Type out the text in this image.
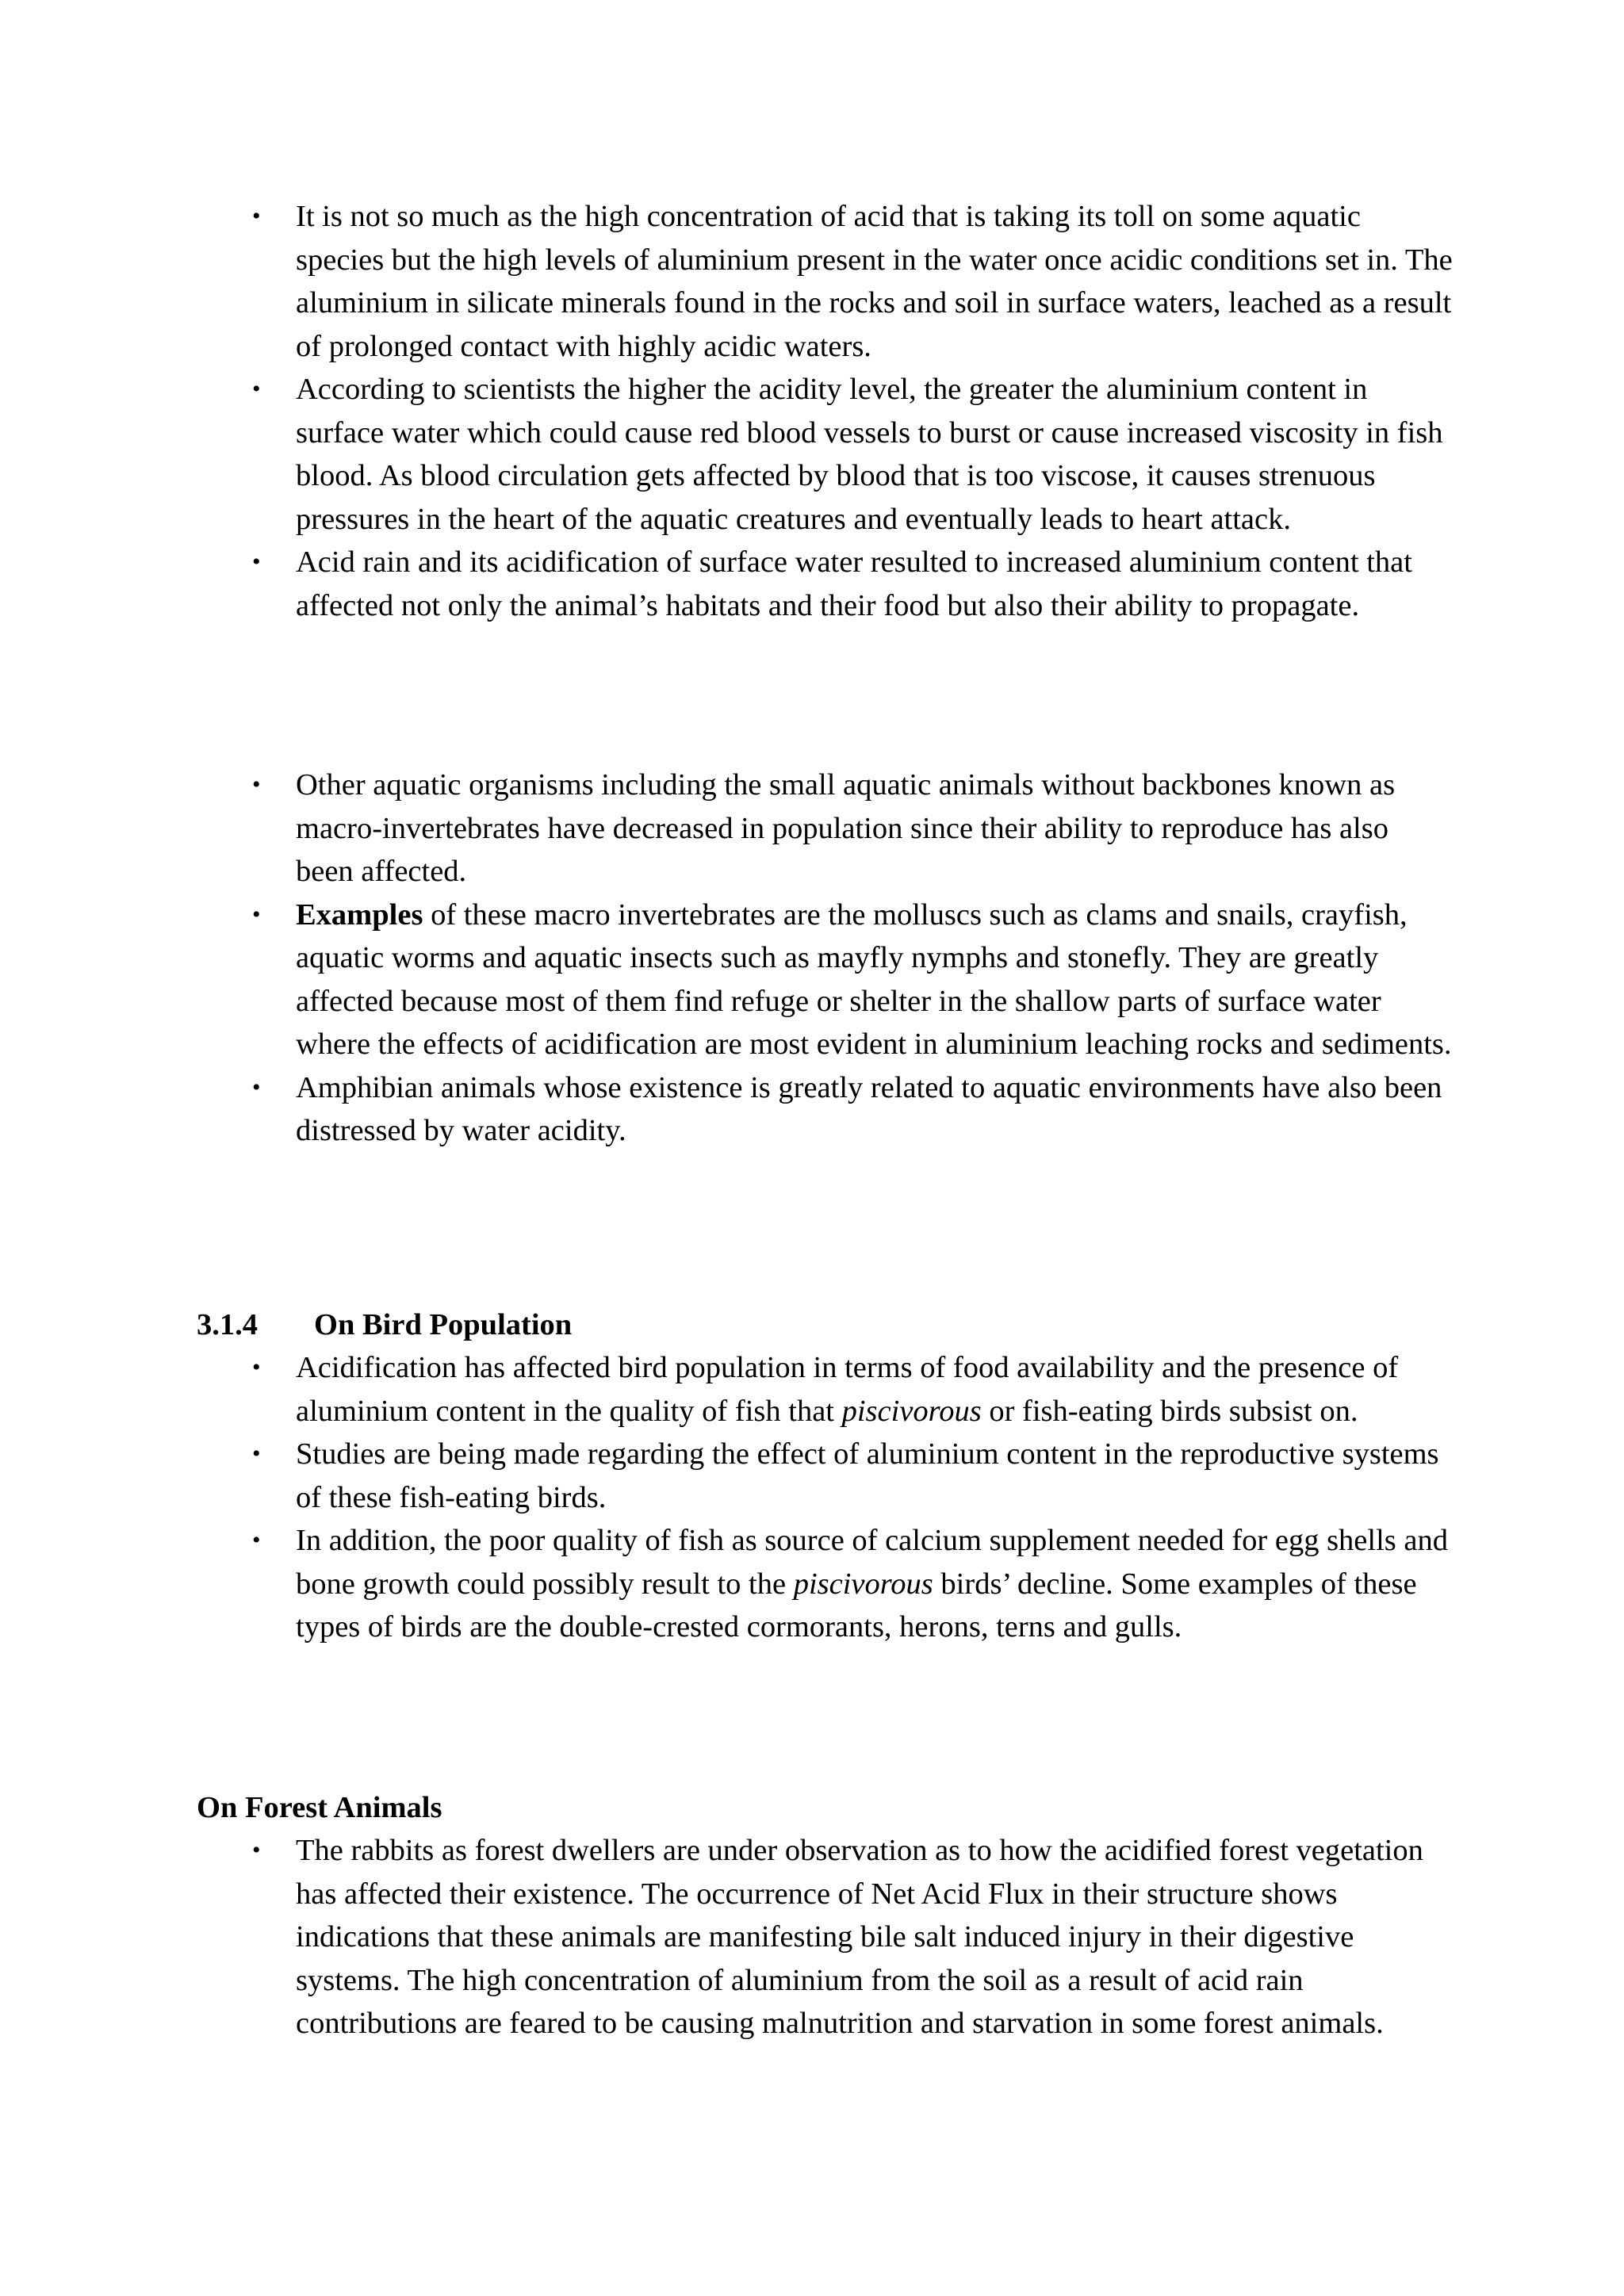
• It is not so much as the high concentration of acid that is taking its toll on some aquatic species but the high levels of aluminium present in the water once acidic conditions set in. The aluminium in silicate minerals found in the rocks and soil in surface waters, leached as a result of prolonged contact with highly acidic waters.
• According to scientists the higher the acidity level, the greater the aluminium content in surface water which could cause red blood vessels to burst or cause increased viscosity in fish blood. As blood circulation gets affected by blood that is too viscose, it causes strenuous pressures in the heart of the aquatic creatures and eventually leads to heart attack.
• Acid rain and its acidification of surface water resulted to increased aluminium content that affected not only the animal’s habitats and their food but also their ability to propagate.
• Other aquatic organisms including the small aquatic animals without backbones known as macro-invertebrates have decreased in population since their ability to reproduce has also been affected.
• Examples of these macro invertebrates are the molluscs such as clams and snails, crayfish, aquatic worms and aquatic insects such as mayfly nymphs and stonefly. They are greatly affected because most of them find refuge or shelter in the shallow parts of surface water where the effects of acidification are most evident in aluminium leaching rocks and sediments.
• Amphibian animals whose existence is greatly related to aquatic environments have also been distressed by water acidity.
3.1.4 On Bird Population
• Acidification has affected bird population in terms of food availability and the presence of aluminium content in the quality of fish that piscivorous or fish-eating birds subsist on.
• Studies are being made regarding the effect of aluminium content in the reproductive systems of these fish-eating birds.
• In addition, the poor quality of fish as source of calcium supplement needed for egg shells and bone growth could possibly result to the piscivorous birds’ decline. Some examples of these types of birds are the double-crested cormorants, herons, terns and gulls.
On Forest Animals
• The rabbits as forest dwellers are under observation as to how the acidified forest vegetation has affected their existence. The occurrence of Net Acid Flux in their structure shows indications that these animals are manifesting bile salt induced injury in their digestive systems. The high concentration of aluminium from the soil as a result of acid rain contributions are feared to be causing malnutrition and starvation in some forest animals.
